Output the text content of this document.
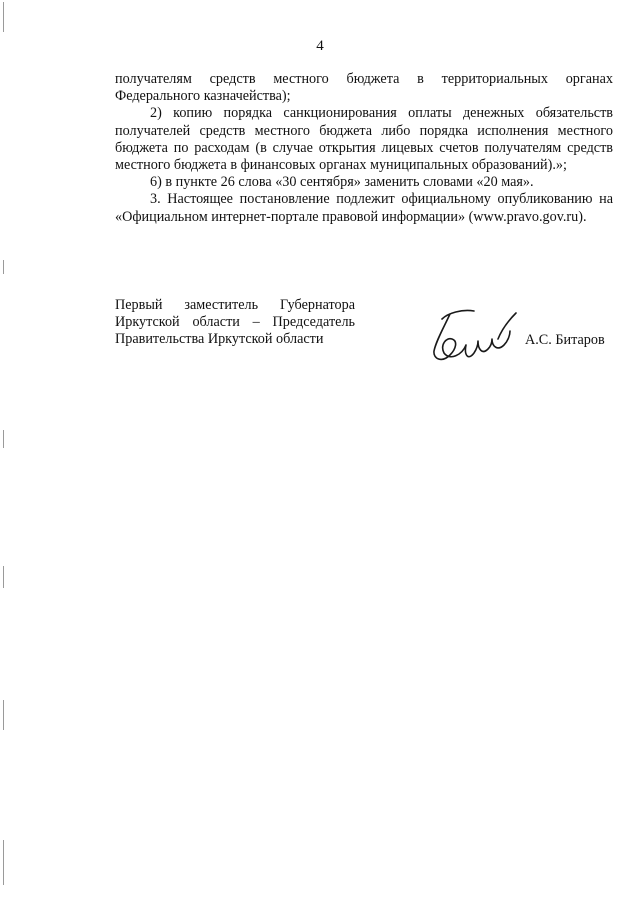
4

получателям средств местного бюджета в территориальных органах Федерального казначейства);

2) копию порядка санкционирования оплаты денежных обязательств получателей средств местного бюджета либо порядка исполнения местного бюджета по расходам (в случае открытия лицевых счетов получателям средств местного бюджета в финансовых органах муниципальных образований).»;

6) в пункте 26 слова «30 сентября» заменить словами «20 мая».

3. Настоящее постановление подлежит официальному опубликованию на «Официальном интернет-портале правовой информации» (www.pravo.gov.ru).

Первый заместитель Губернатора
Иркутской области – Председатель
Правительства Иркутской области	А.С. Битаров
